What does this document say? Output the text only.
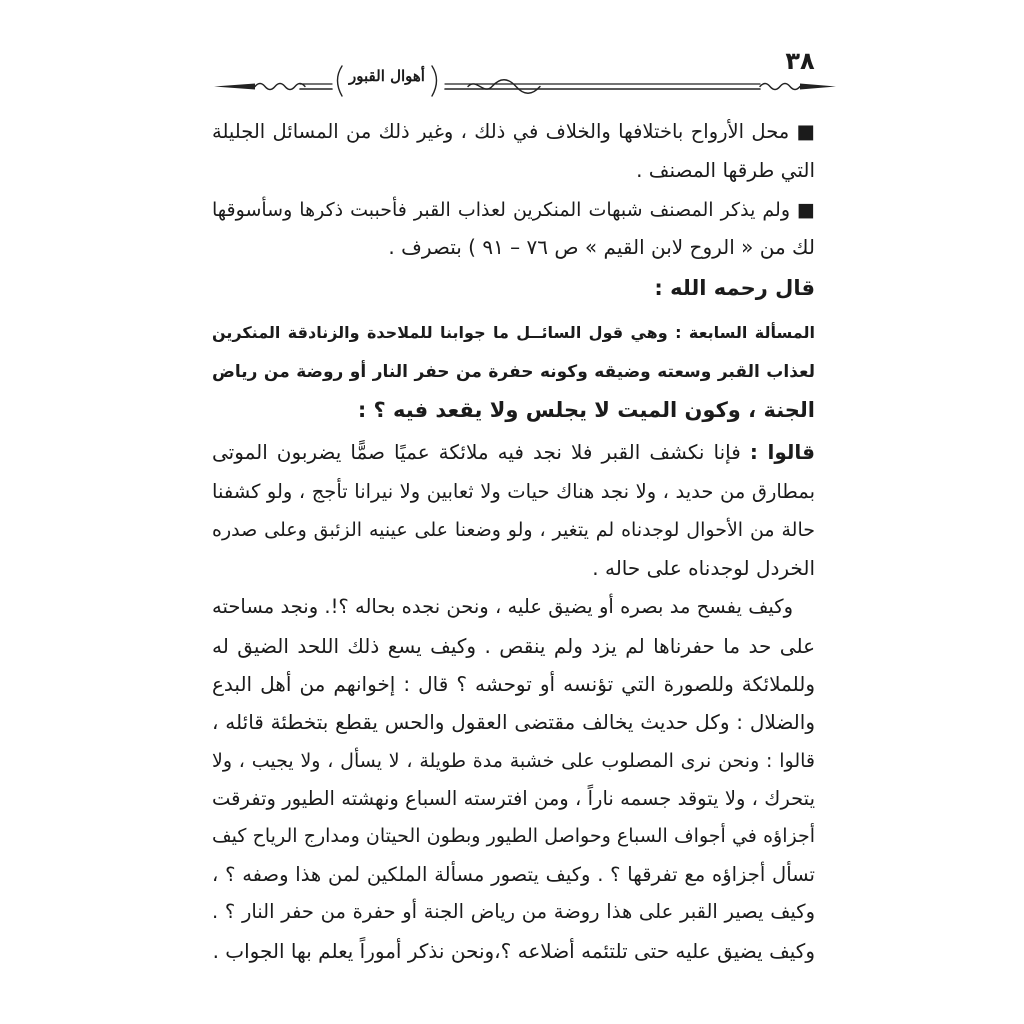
٣٨
أهوال القبور
■ محل الأرواح باختلافها والخلاف في ذلك ، وغير ذلك من المسائل الجليلة
التي طرقها المصنف .
■ ولم يذكر المصنف شبهات المنكرين لعذاب القبر فأحببت ذكرها وسأسوقها
لك من « الروح لابن القيم » ص ٧٦ – ٩١ ) بتصرف .
قال رحمه الله :
المسألة السابعة : وهي قول السائــل ما جوابنا للملاحدة والزنادقة المنكرين
لعذاب القبر وسعته وضيقه وكونه حفرة من حفر النار أو روضة من رياض
الجنة ، وكون الميت لا يجلس ولا يقعد فيه ؟ :
قالوا : فإنا نكشف القبر فلا نجد فيه ملائكة عميًا صمًّا يضربون الموتى
بمطارق من حديد ، ولا نجد هناك حيات ولا ثعابين ولا نيرانا تأجج ، ولو كشفنا
حالة من الأحوال لوجدناه لم يتغير ، ولو وضعنا على عينيه الزئبق وعلى صدره
الخردل لوجدناه على حاله .
وكيف يفسح مد بصره أو يضيق عليه ، ونحن نجده بحاله ؟!. ونجد مساحته
على حد ما حفرناها لم يزد ولم ينقص . وكيف يسع ذلك اللحد الضيق له
وللملائكة وللصورة التي تؤنسه أو توحشه ؟ قال : إخوانهم من أهل البدع
والضلال : وكل حديث يخالف مقتضى العقول والحس يقطع بتخطئة قائله ،
قالوا : ونحن نرى المصلوب على خشبة مدة طويلة ، لا يسأل ، ولا يجيب ، ولا
يتحرك ، ولا يتوقد جسمه ناراً ، ومن افترسته السباع ونهشته الطيور وتفرقت
أجزاؤه في أجواف السباع وحواصل الطيور وبطون الحيتان ومدارج الرياح كيف
تسأل أجزاؤه مع تفرقها ؟ . وكيف يتصور مسألة الملكين لمن هذا وصفه ؟ ،
وكيف يصير القبر على هذا روضة من رياض الجنة أو حفرة من حفر النار ؟ .
وكيف يضيق عليه حتى تلتئمه أضلاعه ؟،ونحن نذكر أموراً يعلم بها الجواب .
